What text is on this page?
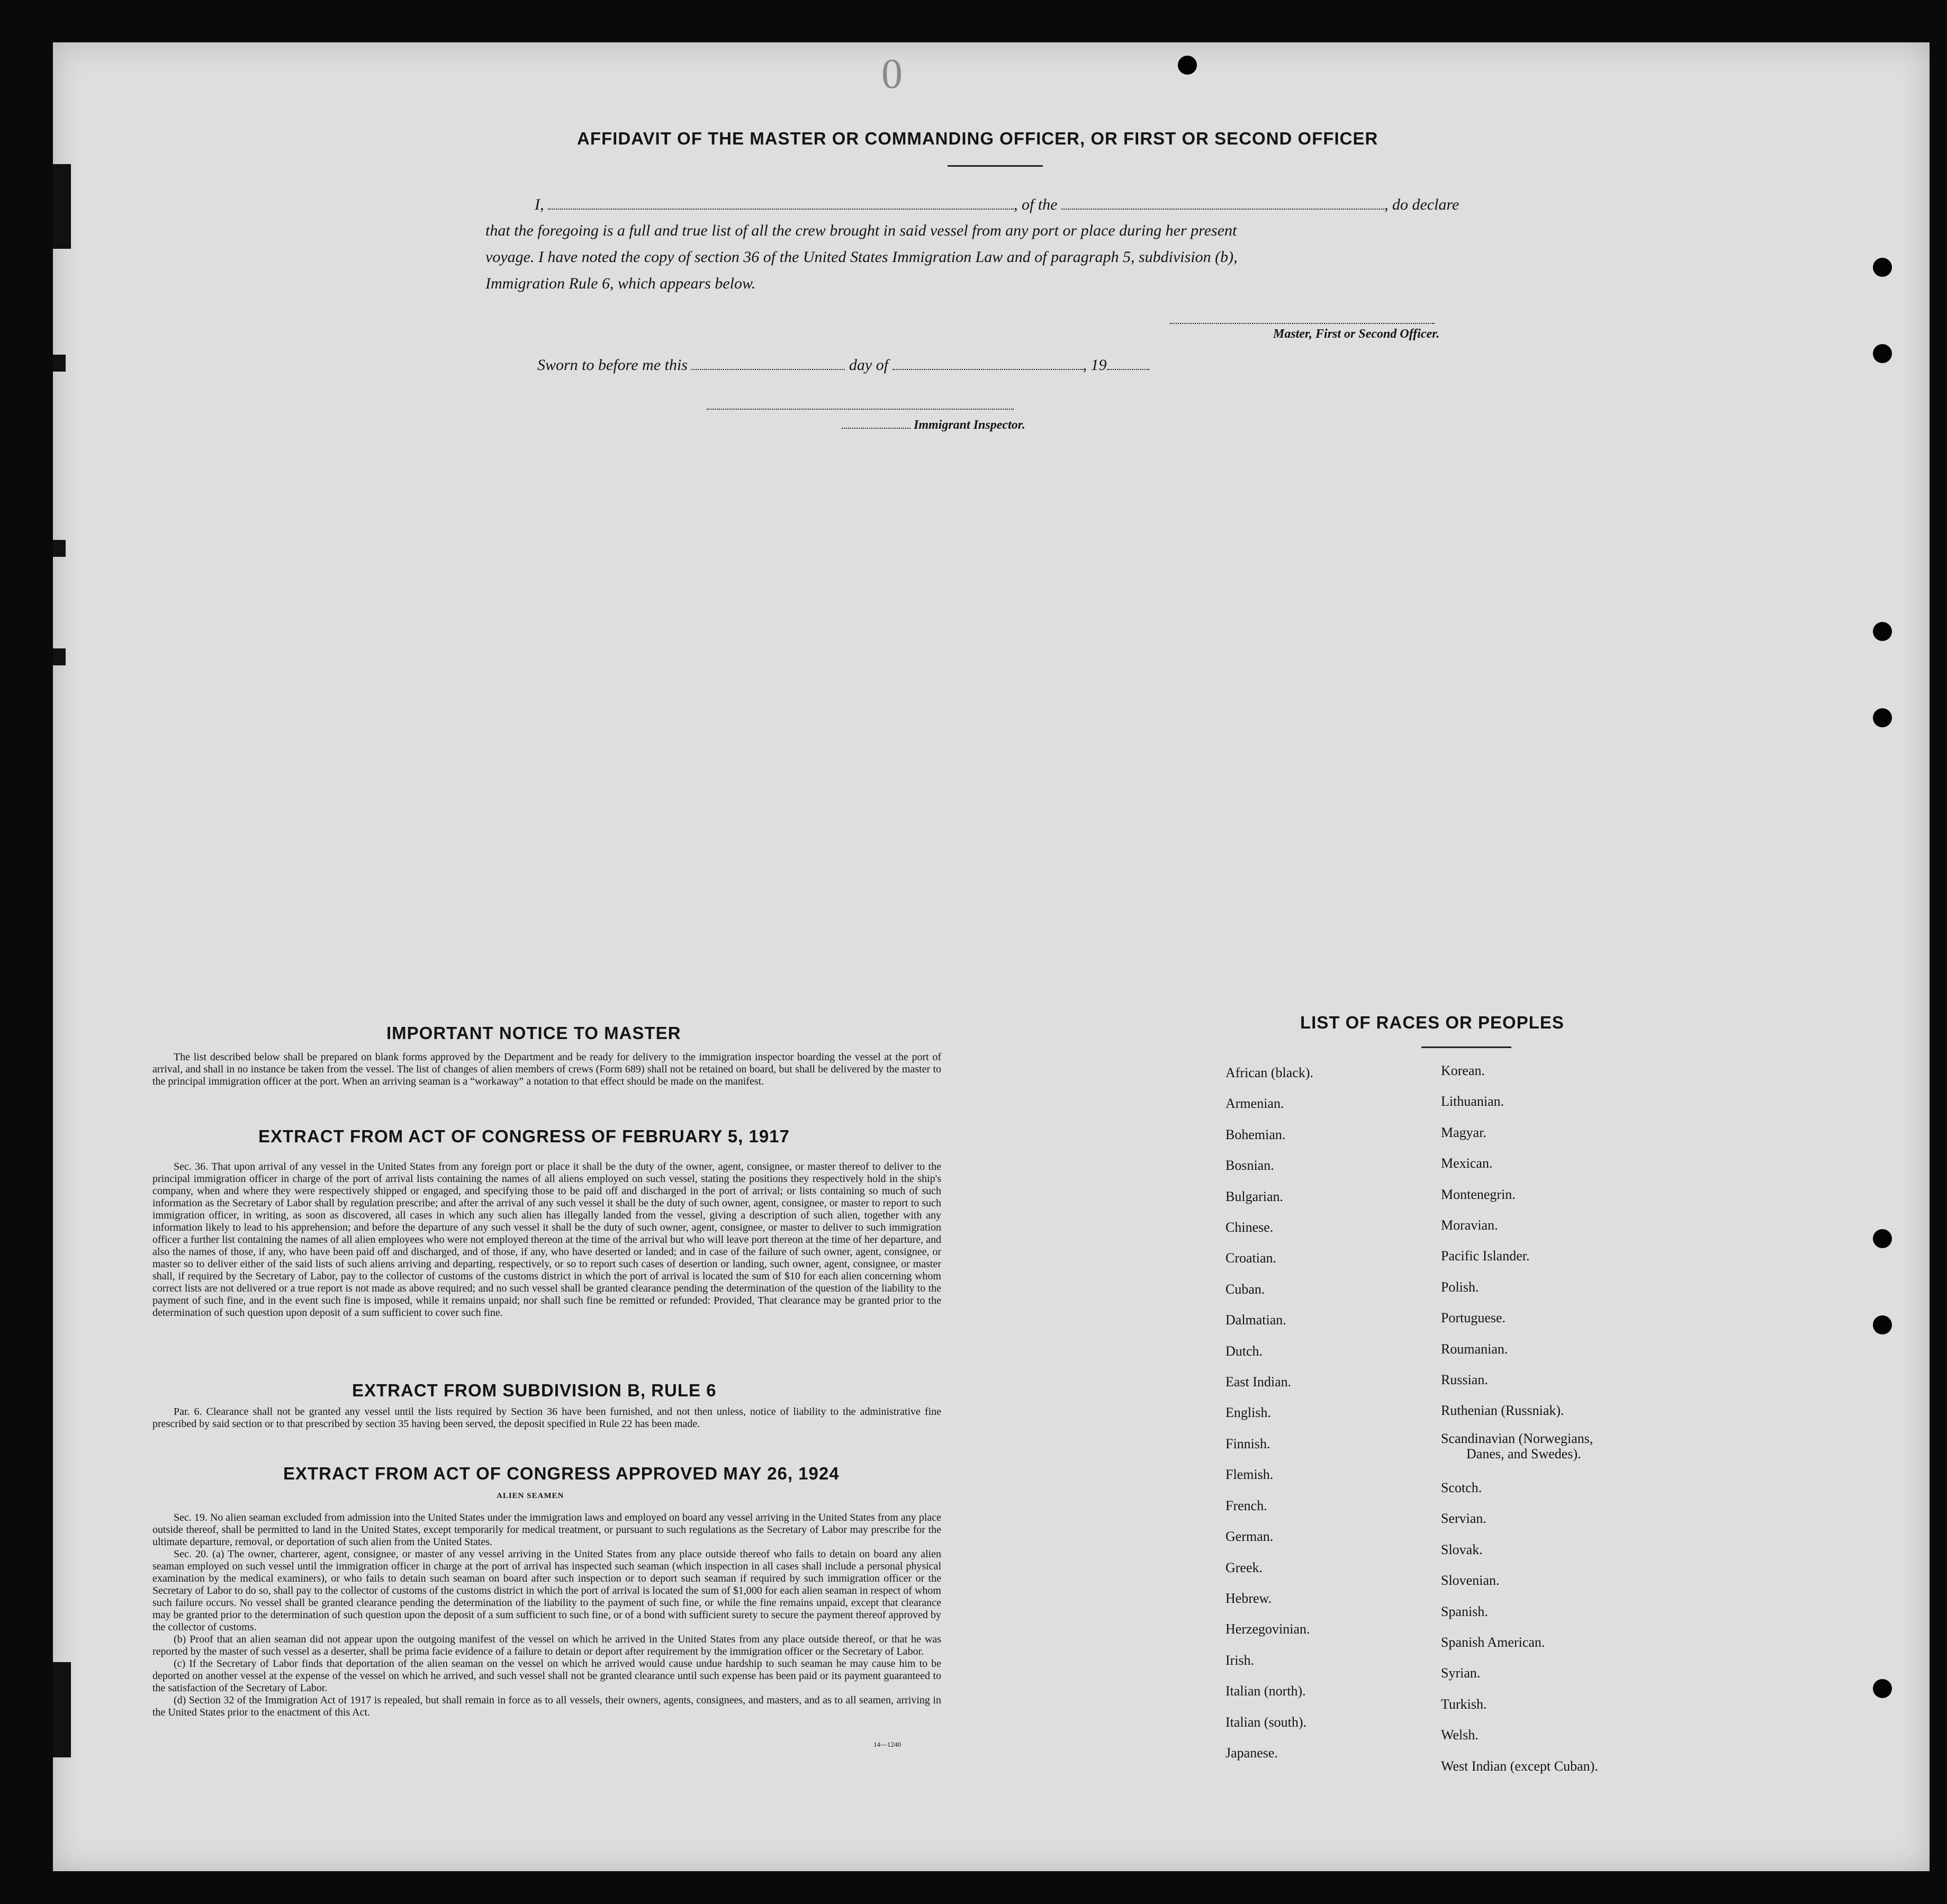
0
AFFIDAVIT OF THE MASTER OR COMMANDING OFFICER, OR FIRST OR SECOND OFFICER
I,	, of the	, do declare
that the foregoing is a full and true list of all the crew brought in said vessel from any port or place during her present
voyage. I have noted the copy of section 36 of the United States Immigration Law and of paragraph 5, subdivision (b),
Immigration Rule 6, which appears below.
Master, First or Second Officer.
Sworn to before me this	day of	, 19
Immigrant Inspector.
IMPORTANT NOTICE TO MASTER
The list described below shall be prepared on blank forms approved by the Department and be ready for delivery to the immigration inspector boarding the vessel at the port of arrival, and shall in no instance be taken from the vessel. The list of changes of alien members of crews (Form 689) shall not be retained on board, but shall be delivered by the master to the principal immigration officer at the port. When an arriving seaman is a “workaway” a notation to that effect should be made on the manifest.
EXTRACT FROM ACT OF CONGRESS OF FEBRUARY 5, 1917
Sec. 36. That upon arrival of any vessel in the United States from any foreign port or place it shall be the duty of the owner, agent, consignee, or master thereof to deliver to the principal immigration officer in charge of the port of arrival lists containing the names of all aliens employed on such vessel, stating the positions they respectively hold in the ship's company, when and where they were respectively shipped or engaged, and specifying those to be paid off and discharged in the port of arrival; or lists containing so much of such information as the Secretary of Labor shall by regulation prescribe; and after the arrival of any such vessel it shall be the duty of such owner, agent, consignee, or master to report to such immigration officer, in writing, as soon as discovered, all cases in which any such alien has illegally landed from the vessel, giving a description of such alien, together with any information likely to lead to his apprehension; and before the departure of any such vessel it shall be the duty of such owner, agent, consignee, or master to deliver to such immigration officer a further list containing the names of all alien employees who were not employed thereon at the time of the arrival but who will leave port thereon at the time of her departure, and also the names of those, if any, who have been paid off and discharged, and of those, if any, who have deserted or landed; and in case of the failure of such owner, agent, consignee, or master so to deliver either of the said lists of such aliens arriving and departing, respectively, or so to report such cases of desertion or landing, such owner, agent, consignee, or master shall, if required by the Secretary of Labor, pay to the collector of customs of the customs district in which the port of arrival is located the sum of $10 for each alien concerning whom correct lists are not delivered or a true report is not made as above required; and no such vessel shall be granted clearance pending the determination of the question of the liability to the payment of such fine, and in the event such fine is imposed, while it remains unpaid; nor shall such fine be remitted or refunded: Provided, That clearance may be granted prior to the determination of such question upon deposit of a sum sufficient to cover such fine.
EXTRACT FROM SUBDIVISION B, RULE 6
Par. 6. Clearance shall not be granted any vessel until the lists required by Section 36 have been furnished, and not then unless, notice of liability to the administrative fine prescribed by said section or to that prescribed by section 35 having been served, the deposit specified in Rule 22 has been made.
EXTRACT FROM ACT OF CONGRESS APPROVED MAY 26, 1924
ALIEN SEAMEN
Sec. 19. No alien seaman excluded from admission into the United States under the immigration laws and employed on board any vessel arriving in the United States from any place outside thereof, shall be permitted to land in the United States, except temporarily for medical treatment, or pursuant to such regulations as the Secretary of Labor may prescribe for the ultimate departure, removal, or deportation of such alien from the United States.
Sec. 20. (a) The owner, charterer, agent, consignee, or master of any vessel arriving in the United States from any place outside thereof who fails to detain on board any alien seaman employed on such vessel until the immigration officer in charge at the port of arrival has inspected such seaman (which inspection in all cases shall include a personal physical examination by the medical examiners), or who fails to detain such seaman on board after such inspection or to deport such seaman if required by such immigration officer or the Secretary of Labor to do so, shall pay to the collector of customs of the customs district in which the port of arrival is located the sum of $1,000 for each alien seaman in respect of whom such failure occurs. No vessel shall be granted clearance pending the determination of the liability to the payment of such fine, or while the fine remains unpaid, except that clearance may be granted prior to the determination of such question upon the deposit of a sum sufficient to such fine, or of a bond with sufficient surety to secure the payment thereof approved by the collector of customs.
(b) Proof that an alien seaman did not appear upon the outgoing manifest of the vessel on which he arrived in the United States from any place outside thereof, or that he was reported by the master of such vessel as a deserter, shall be prima facie evidence of a failure to detain or deport after requirement by the immigration officer or the Secretary of Labor.
(c) If the Secretary of Labor finds that deportation of the alien seaman on the vessel on which he arrived would cause undue hardship to such seaman he may cause him to be deported on another vessel at the expense of the vessel on which he arrived, and such vessel shall not be granted clearance until such expense has been paid or its payment guaranteed to the satisfaction of the Secretary of Labor.
(d) Section 32 of the Immigration Act of 1917 is repealed, but shall remain in force as to all vessels, their owners, agents, consignees, and masters, and as to all seamen, arriving in the United States prior to the enactment of this Act.
14—1240
LIST OF RACES OR PEOPLES
African (black).
Armenian.
Bohemian.
Bosnian.
Bulgarian.
Chinese.
Croatian.
Cuban.
Dalmatian.
Dutch.
East Indian.
English.
Finnish.
Flemish.
French.
German.
Greek.
Hebrew.
Herzegovinian.
Irish.
Italian (north).
Italian (south).
Japanese.
Korean.
Lithuanian.
Magyar.
Mexican.
Montenegrin.
Moravian.
Pacific Islander.
Polish.
Portuguese.
Roumanian.
Russian.
Ruthenian (Russniak).
Scandinavian (Norwegians,
Danes, and Swedes).
Scotch.
Servian.
Slovak.
Slovenian.
Spanish.
Spanish American.
Syrian.
Turkish.
Welsh.
West Indian (except Cuban).
